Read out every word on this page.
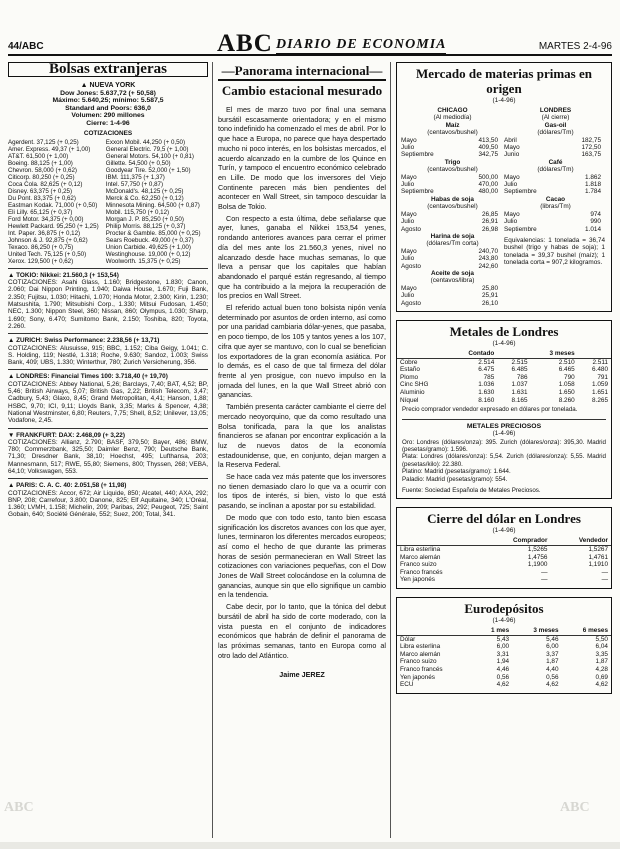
44/ABC	ABC DIARIO DE ECONOMIA	MARTES 2-4-96
Bolsas extranjeras
▲ NUEVA YORK
Dow Jones: 5.637,72 (+ 50,58)
Máximo: 5.640,25; mínimo: 5.587,5
Standard and Poors: 636,0
Volumen: 290 millones
Cierre: 1-4-96
COTIZACIONES
Agerdent. 37,125 (+ 0,25)	Exxon Mobil. 44,250 (+ 0,50)
Amer. Express. 49,37 (+ 1,00)	General Electric. 79,5 (+ 1,00)
AT&T. 61,500 (+ 1,00)	General Motors. 54,100 (+ 0,81)
Boeing. 88,125 (+ 1,00)	Gillette. 54,500 (+ 0,50)
Chevron. 58,000 (+ 0,62)	Goodyear Tire. 52,000 (+ 1,50)
Citicorp. 80,250 (+ 0,25)	IBM. 111,375 (+ 1,37)
Coca Cola. 82,625 (+ 0,12)	Intel. 57,750 (+ 0,87)
Disney. 63,375 (+ 0,25)	McDonald's. 48,125 (+ 0,25)
Du Pont. 83,375 (+ 0,62)	Merck & Co. 62,250 (+ 0,12)
Eastman Kodak. 71,000 (+ 0,50)	Minnesota Mining. 64,500 (+ 0,87)
Eli Lilly. 65,125 (+ 0,37)	Mobil. 115,750 (+ 0,12)
Ford Motor. 34,375 (+ 0,00)	Morgan J. P. 85,250 (+ 0,50)
Hewlett Packard. 95,250 (+ 1,25)	Philip Morris. 88,125 (+ 0,37)
Int. Paper. 36,875 (+ 0,12)	Procter & Gamble. 85,000 (+ 0,25)
Johnson & J. 92,875 (+ 0,62)	Sears Roebuck. 49,000 (+ 0,37)
Texaco. 86,250 (+ 0,75)	Union Carbide. 49,625 (+ 1,00)
United Tech. 75,125 (+ 0,50)	Westinghouse. 19,000 (+ 0,12)
Xerox. 129,500 (+ 0,62)	Woolworth. 15,375 (+ 0,25)
▲ TOKIO: Nikkei: 21.560,3 (+ 153,54)
COTIZACIONES: Asahi Glass, 1.160; Bridgestone, 1.830; Canon, 2.060; Dai Nippon Printing, 1.940; Daiwa House, 1.670; Fuji Bank, 2.350; Fujitsu, 1.030; Hitachi, 1.070; Honda Motor, 2.300; Kirin, 1.230; Matsushita, 1.790; Mitsubishi Corp., 1.330; Mitsui Fudosan, 1.450; NEC, 1.300; Nippon Steel, 360; Nissan, 860; Olympus, 1.030; Sharp, 1.690; Sony, 6.470; Sumitomo Bank, 2.150; Toshiba, 820; Toyota, 2.260.
▲ ZURICH: Swiss Performance: 2.238,56 (+ 13,71)
COTIZACIONES: Alusuisse, 915; BBC, 1.152; Ciba Geigy, 1.041; C. S. Holding, 119; Nestlé, 1.318; Roche, 9.630; Sandoz, 1.003; Swiss Bank, 409; UBS, 1.330; Winterthur, 780; Zurich Versicherung, 356.
▲ LONDRES: Financial Times 100: 3.718,40 (+ 19,70)
COTIZACIONES: Abbey National, 5,26; Barclays, 7,40; BAT, 4,52; BP, 5,46; British Airways, 5,07; British Gas, 2,22; British Telecom, 3,47; Cadbury, 5,43; Glaxo, 8,45; Grand Metropolitan, 4,41; Hanson, 1,88; HSBC, 9,70; ICI, 9,11; Lloyds Bank, 3,35; Marks & Spencer, 4,38; National Westminster, 6,80; Reuters, 7,75; Shell, 8,52; Unilever, 13,05; Vodafone, 2,45.
▼ FRANKFURT: DAX: 2.468,09 (+ 3,22)
COTIZACIONES: Allianz, 2.790; BASF, 379,50; Bayer, 486; BMW, 780; Commerzbank, 325,50; Daimler Benz, 790; Deutsche Bank, 71,30; Dresdner Bank, 38,10; Hoechst, 495; Lufthansa, 203; Mannesmann, 517; RWE, 55,80; Siemens, 800; Thyssen, 268; VEBA, 64,10; Volkswagen, 553.
▲ PARIS: C. A. C. 40: 2.051,58 (+ 11,98)
COTIZACIONES: Accor, 672; Air Liquide, 850; Alcatel, 440; AXA, 292; BNP, 208; Carrefour, 3.800; Danone, 825; Elf Aquitaine, 340; L'Oréal, 1.360; LVMH, 1.158; Michelin, 209; Paribas, 292; Peugeot, 725; Saint Gobain, 640; Société Générale, 552; Suez, 200; Total, 341.
—Panorama internacional—
Cambio estacional mesurado

El mes de marzo tuvo por final una semana bursátil escasamente orientadora; y en el mismo tono indefinido ha comenzado el mes de abril. Por lo que hace a Europa, no parece que haya despertado mucho ni poco interés, en los bolsistas mercados, el acuerdo alcanzado en la cumbre de los Quince en Turín, y tampoco el encuentro económico celebrado en Lille. De modo que los inversores del Viejo Continente parecen más bien pendientes del acontecer en Wall Street, sin tampoco descuidar la Bolsa de Tokio.

Con respecto a esta última, debe señalarse que ayer, lunes, ganaba el Nikkei 153,54 yenes, rondando anteriores avances para cerrar el primer día del mes ante los 21.560,3 yenes, nivel no alcanzado desde hace muchas semanas, lo que lleva a pensar que los capitales que habían abandonado el parqué están regresando, al tiempo que ha contribuido a la mejora la recuperación de los precios en Wall Street.

El referido actual buen tono bolsista nipón venía determinado por asuntos de orden interno, así como por una paridad cambiaria dólar-yenes, que pasaba, en poco tiempo, de los 105 y tantos yenes a los 107, cifra que ayer se mantuvo, con lo cual se benefician los exportadores de la gran economía asiática. Por lo demás, es el caso de que tal firmeza del dólar frente al yen prosigue, con nuevo impulso en la jornada del lunes, en la que Wall Street abrió con ganancias.

También presenta carácter cambiante el cierre del mercado neoyorquino, que da como resultado una Bolsa tonificada, para la que los analistas financieros se afanan por encontrar explicación a la luz de nuevos datos de la economía estadounidense, que, en conjunto, dejan margen a la Reserva Federal.

Se hace cada vez más patente que los inversores no tienen demasiado claro lo que va a ocurrir con los tipos de interés, si bien, visto lo que está pasando, se inclinan a apostar por su estabilidad.

De modo que con todo esto, tanto bien escasa significación los discretos avances con los que ayer, lunes, terminaron los diferentes mercados europeos; así como el hecho de que durante las primeras horas de sesión permanecieran en Wall Street las cotizaciones con variaciones pequeñas, con el Dow Jones de Wall Street colocándose en la columna de ganancias, aunque sin que ello signifique un cambio en la tendencia.

Cabe decir, por lo tanto, que la tónica del debut bursátil de abril ha sido de corte moderado, con la vista puesta en el conjunto de indicadores económicos que habrán de definir el panorama de las próximas semanas, tanto en Europa como al otro lado del Atlántico.

Jaime JEREZ
Mercado de materias primas en origen
(1-4-96)
CHICAGO
(Al mediodía)
Maíz
(centavos/bushel)
Mayo	413,50
Julio	409,50
Septiembre	342,75
Trigo
(centavos/bushel)
Mayo	500,00
Julio	470,00
Septiembre	480,00
Habas de soja
(centavos/bushel)
Mayo	26,85
Julio	26,91
Agosto	26,98
Harina de soja
(dólares/Tm corta)
Mayo	240,70
Julio	243,80
Agosto	242,60
Aceite de soja
(centavos/libra)
Mayo	25,80
Julio	25,91
Agosto	26,10
LONDRES
(Al cierre)
Gas-oil
(dólares/Tm)
Abril	182,75
Mayo	172,50
Junio	163,75
Café
(dólares/Tm)
Mayo	1.862
Julio	1.818
Septiembre	1.784
Cacao
(libras/Tm)
Mayo	974
Julio	990
Septiembre	1.014
Equivalencias: 1 tonelada = 36,74 bushel (trigo y habas de soja); 1 tonelada = 39,37 bushel (maíz); 1 tonelada corta = 907,2 kilogramos.
Metales de Londres
(1-4-96)
	Contado		3 meses	
Cobre	2.514	2.515	2.510	2.511
Estaño	6.475	6.485	6.465	6.480
Plomo	785	786	790	791
Cinc SHG	1.036	1.037	1.058	1.059
Aluminio	1.630	1.631	1.650	1.651
Níquel	8.160	8.165	8.260	8.265
Precio comprador vendedor expresado en dólares por tonelada.
METALES PRECIOSOS
(1-4-96)
Oro: Londres (dólares/onza): 395. Zurich (dólares/onza): 395,30. Madrid (pesetas/gramo): 1.596.
Plata: Londres (dólares/onza): 5,54. Zurich (dólares/onza): 5,55. Madrid (pesetas/kilo): 22.380.
Platino: Madrid (pesetas/gramo): 1.644.
Paladio: Madrid (pesetas/gramo): 554.
Fuente: Sociedad Española de Metales Preciosos.
Cierre del dólar en Londres
(1-4-96)
	Comprador	Vendedor
Libra esterlina	1,5265	1,5267
Marco alemán	1,4756	1,4761
Franco suizo	1,1900	1,1910
Franco francés	—	—
Yen japonés	—	—
Eurodepósitos
(1-4-96)
	1 mes	3 meses	6 meses
Dólar	5,43	5,46	5,50
Libra esterlina	6,00	6,00	6,04
Marco alemán	3,31	3,37	3,35
Franco suizo	1,94	1,87	1,87
Franco francés	4,46	4,40	4,28
Yen japonés	0,56	0,56	0,69
ECU	4,62	4,62	4,62
ABC	ABC
